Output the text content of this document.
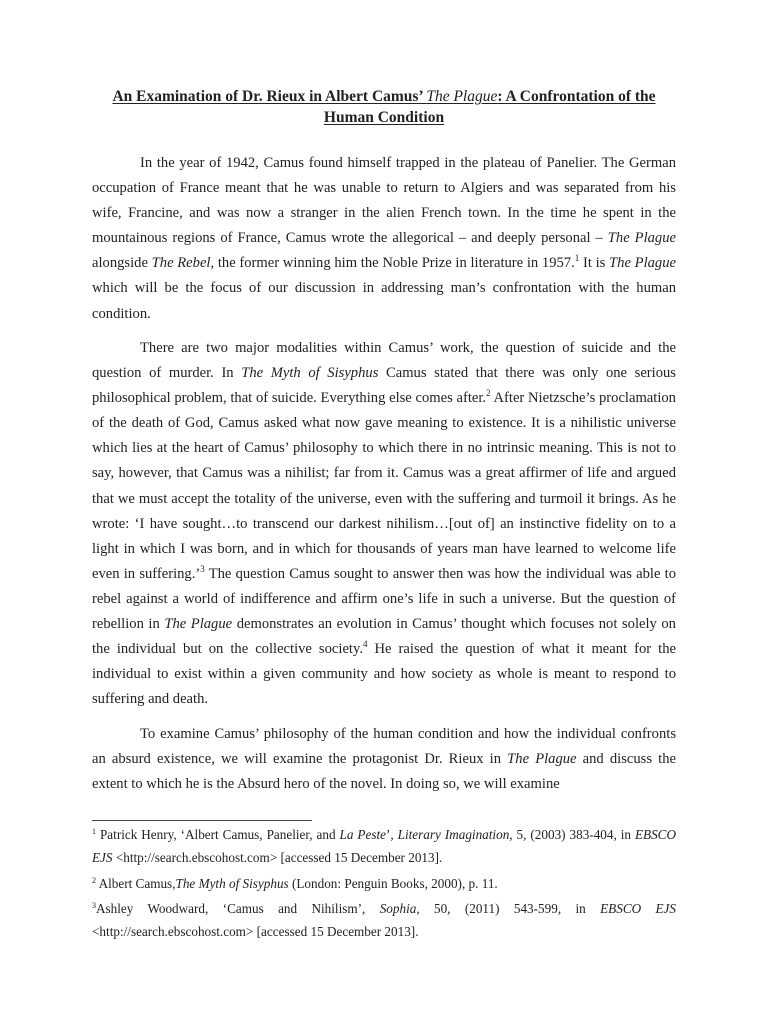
An Examination of Dr. Rieux in Albert Camus’ The Plague: A Confrontation of the Human Condition

In the year of 1942, Camus found himself trapped in the plateau of Panelier. The German occupation of France meant that he was unable to return to Algiers and was separated from his wife, Francine, and was now a stranger in the alien French town. In the time he spent in the mountainous regions of France, Camus wrote the allegorical – and deeply personal – The Plague alongside The Rebel, the former winning him the Noble Prize in literature in 1957.$^1$ It is The Plague which will be the focus of our discussion in addressing man’s confrontation with the human condition.

There are two major modalities within Camus’ work, the question of suicide and the question of murder. In The Myth of Sisyphus Camus stated that there was only one serious philosophical problem, that of suicide. Everything else comes after.$^2$ After Nietzsche’s proclamation of the death of God, Camus asked what now gave meaning to existence. It is a nihilistic universe which lies at the heart of Camus’ philosophy to which there in no intrinsic meaning. This is not to say, however, that Camus was a nihilist; far from it. Camus was a great affirmer of life and argued that we must accept the totality of the universe, even with the suffering and turmoil it brings. As he wrote: ‘I have sought…to transcend our darkest nihilism…[out of] an instinctive fidelity on to a light in which I was born, and in which for thousands of years man have learned to welcome life even in suffering.’$^3$ The question Camus sought to answer then was how the individual was able to rebel against a world of indifference and affirm one’s life in such a universe. But the question of rebellion in The Plague demonstrates an evolution in Camus’ thought which focuses not solely on the individual but on the collective society.$^4$ He raised the question of what it meant for the individual to exist within a given community and how society as whole is meant to respond to suffering and death.

To examine Camus’ philosophy of the human condition and how the individual confronts an absurd existence, we will examine the protagonist Dr. Rieux in The Plague and discuss the extent to which he is the Absurd hero of the novel. In doing so, we will examine

$^1$ Patrick Henry, ‘Albert Camus, Panelier, and La Peste’, Literary Imagination, 5, (2003) 383-404, in EBSCO EJS <http://search.ebscohost.com> [accessed 15 December 2013].
$^2$ Albert Camus,The Myth of Sisyphus (London: Penguin Books, 2000), p. 11.
$^3$Ashley Woodward, ‘Camus and Nihilism’, Sophia, 50, (2011) 543-599, in EBSCO EJS <http://search.ebscohost.com> [accessed 15 December 2013].
